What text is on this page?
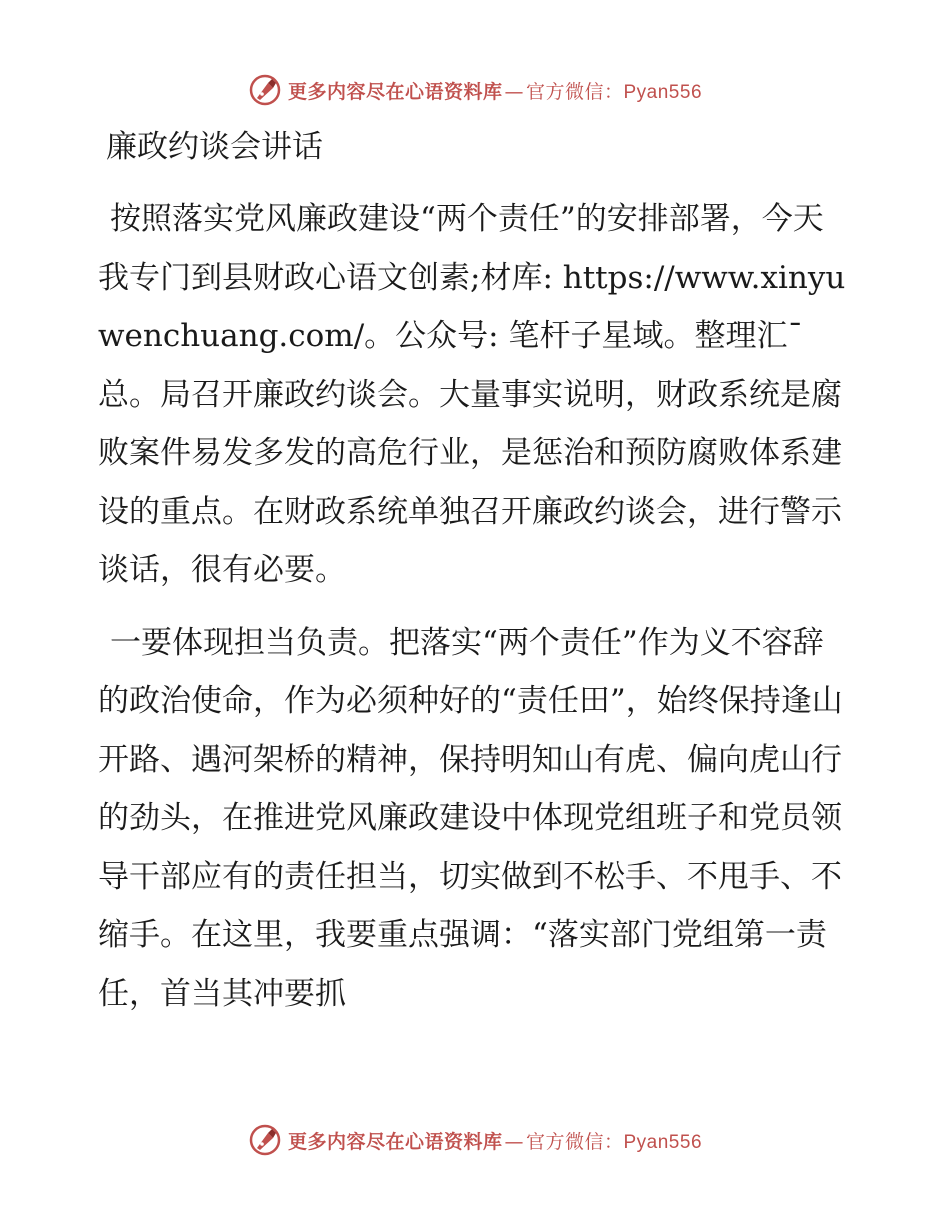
更多内容尽在心语资料库 — 官方微信：Pyan556
廉政约谈会讲话

按照落实党风廉政建设“两个责任”的安排部署，今天我专门到县财政心语文创素;材库: https://www.xinyuwenchuang.com/。公众号: 笔杆子星域。整理汇¯总。局召开廉政约谈会。大量事实说明，财政系统是腐败案件易发多发的高危行业，是惩治和预防腐败体系建设的重点。在财政系统单独召开廉政约谈会，进行警示谈话，很有必要。

一要体现担当负责。把落实“两个责任”作为义不容辞的政治使命，作为必须种好的“责任田”，始终保持逢山开路、遇河架桥的精神，保持明知山有虎、偏向虎山行的劲头，在推进党风廉政建设中体现党组班子和党员领导干部应有的责任担当，切实做到不松手、不甩手、不缩手。在这里，我要重点强调：“落实部门党组第一责任，首当其冲要抓

更多内容尽在心语资料库 — 官方微信：Pyan556
